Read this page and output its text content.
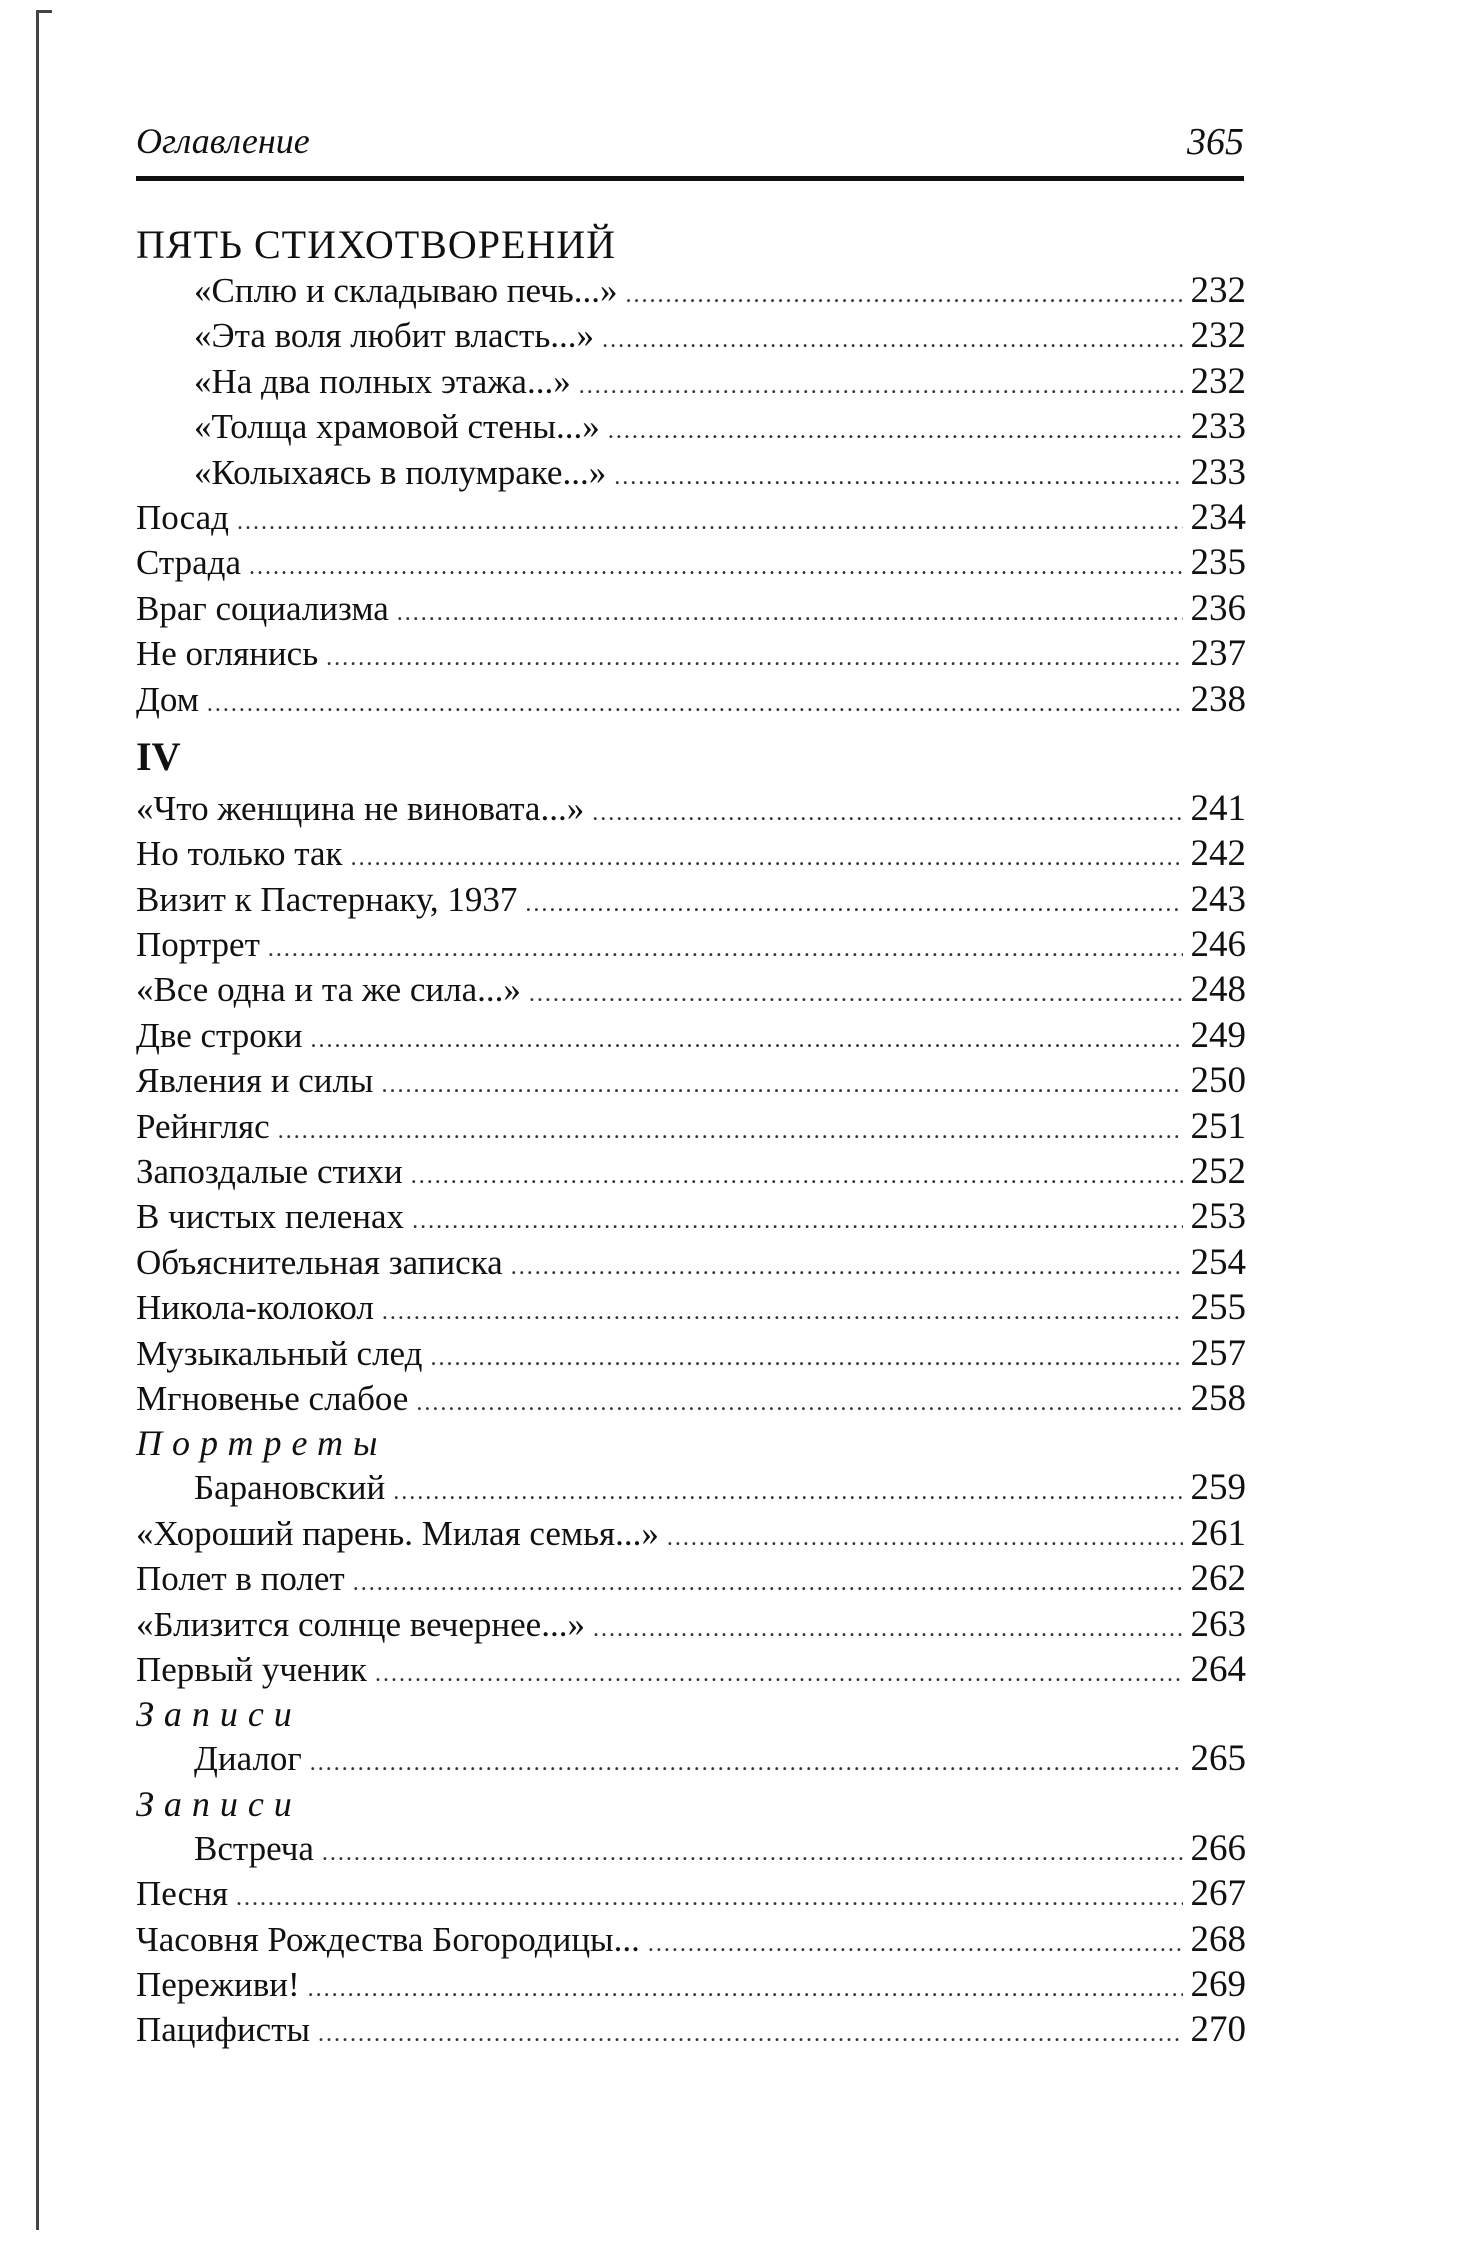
Оглавление	365
ПЯТЬ СТИХОТВОРЕНИЙ
«Сплю и складываю печь...» .....	232
«Эта воля любит власть...» .....	232
«На два полных этажа...» .....	232
«Толща храмовой стены...» .....	233
«Колыхаясь в полумраке...» .....	233
Посад .....	234
Страда .....	235
Враг социализма .....	236
Не оглянись .....	237
Дом .....	238
IV
«Что женщина не виновата...» .....	241
Но только так .....	242
Визит к Пастернаку, 1937 .....	243
Портрет .....	246
«Все одна и та же сила...» .....	248
Две строки .....	249
Явления и силы .....	250
Рейнгляс .....	251
Запоздалые стихи .....	252
В чистых пеленах .....	253
Объяснительная записка .....	254
Никола-колокол .....	255
Музыкальный след .....	257
Мгновенье слабое .....	258
Портреты
Барановский .....	259
«Хороший парень. Милая семья...» .....	261
Полет в полет .....	262
«Близится солнце вечернее...» .....	263
Первый ученик .....	264
Записи
Диалог .....	265
Записи
Встреча .....	266
Песня .....	267
Часовня Рождества Богородицы... .....	268
Переживи! .....	269
Пацифисты .....	270
